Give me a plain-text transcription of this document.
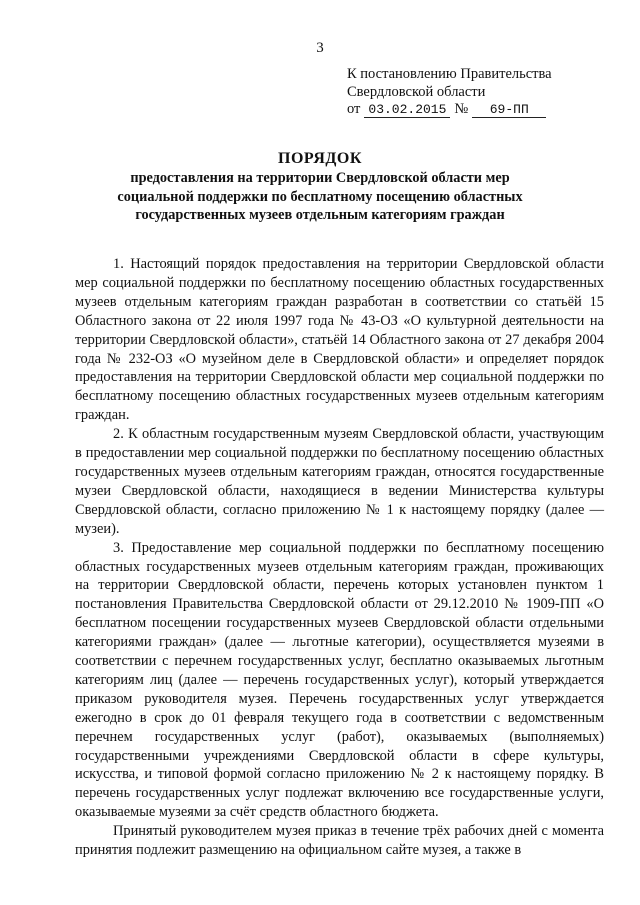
3
К постановлению Правительства
Свердловской области
от 03.02.2015 № 69-ПП
ПОРЯДОК
предоставления на территории Свердловской области мер социальной поддержки по бесплатному посещению областных государственных музеев отдельным категориям граждан

1. Настоящий порядок предоставления на территории Свердловской области мер социальной поддержки по бесплатному посещению областных государственных музеев отдельным категориям граждан разработан в соответствии со статьёй 15 Областного закона от 22 июля 1997 года № 43-ОЗ «О культурной деятельности на территории Свердловской области», статьёй 14 Областного закона от 27 декабря 2004 года № 232-ОЗ «О музейном деле в Свердловской области» и определяет порядок предоставления на территории Свердловской области мер социальной поддержки по бесплатному посещению областных государственных музеев отдельным категориям граждан.

2. К областным государственным музеям Свердловской области, участвующим в предоставлении мер социальной поддержки по бесплатному посещению областных государственных музеев отдельным категориям граждан, относятся государственные музеи Свердловской области, находящиеся в ведении Министерства культуры Свердловской области, согласно приложению № 1 к настоящему порядку (далее — музеи).

3. Предоставление мер социальной поддержки по бесплатному посещению областных государственных музеев отдельным категориям граждан, проживающих на территории Свердловской области, перечень которых установлен пунктом 1 постановления Правительства Свердловской области от 29.12.2010 № 1909-ПП «О бесплатном посещении государственных музеев Свердловской области отдельными категориями граждан» (далее — льготные категории), осуществляется музеями в соответствии с перечнем государственных услуг, бесплатно оказываемых льготным категориям лиц (далее — перечень государственных услуг), который утверждается приказом руководителя музея. Перечень государственных услуг утверждается ежегодно в срок до 01 февраля текущего года в соответствии с ведомственным перечнем государственных услуг (работ), оказываемых (выполняемых) государственными учреждениями Свердловской области в сфере культуры, искусства, и типовой формой согласно приложению № 2 к настоящему порядку. В перечень государственных услуг подлежат включению все государственные услуги, оказываемые музеями за счёт средств областного бюджета.

Принятый руководителем музея приказ в течение трёх рабочих дней с момента принятия подлежит размещению на официальном сайте музея, а также в
